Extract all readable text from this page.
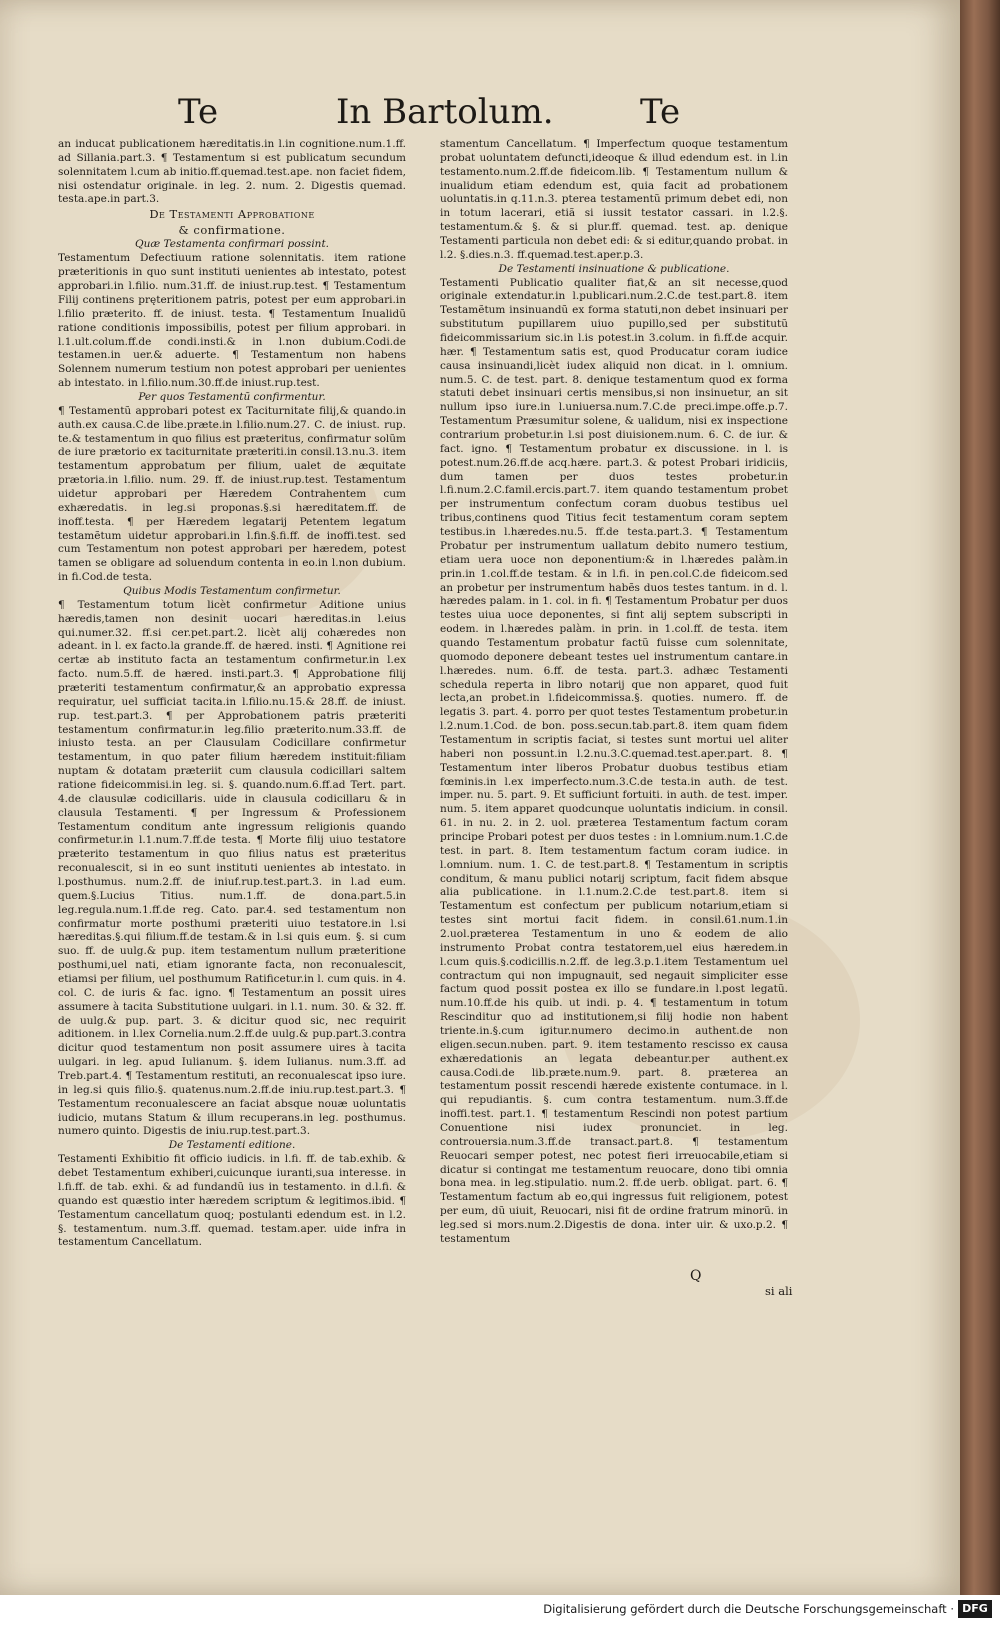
Te	In Bartolum.	Te

an inducat publicationem hæreditatis.in l.in cognitione.num.1.ff. ad Sillania.part.3. ¶ Testamentum si est publicatum secundum solennitatem l.cum ab initio.ff.quemad.test.ape. non faciet fidem, nisi ostendatur originale. in leg. 2. num. 2. Digestis quemad. testa.ape.in part.3.

De Testamenti Approbatione

& confirmatione.

Quæ Testamenta confirmari possint.

Testamentum Defectiuum ratione solennitatis. item ratione præteritionis in quo sunt instituti uenientes ab intestato, potest approbari.in l.filio. num.31.ff. de iniust.rup.test. ¶ Testamentum Filij continens pręteritionem patris, potest per eum approbari.in l.filio præterito. ff. de iniust. testa. ¶ Testamentum Inualidũ ratione conditionis impossibilis, potest per filium approbari. in l.1.ult.colum.ff.de condi.insti.& in l.non dubium.Codi.de testamen.in uer.& aduerte. ¶ Testamentum non habens Solennem numerum testium non potest approbari per uenientes ab intestato. in l.filio.num.30.ff.de iniust.rup.test.

Per quos Testamentũ confirmentur.

¶ Testamentũ approbari potest ex Taciturnitate filij,& quando.in auth.ex causa.C.de libe.præte.in l.filio.num.27. C. de iniust. rup. te.& testamentum in quo filius est præteritus, confirmatur solũm de iure prætorio ex taciturnitate præteriti.in consil.13.nu.3. item testamentum approbatum per filium, ualet de æquitate prætoria.in l.filio. num. 29. ff. de iniust.rup.test. Testamentum uidetur approbari per Hæredem Contrahentem cum exhæredatis. in leg.si proponas.§.si hæreditatem.ff. de inoff.testa. ¶ per Hæredem legatarij Petentem legatum testamẽtum uidetur approbari.in l.fin.§.fi.ff. de inoffi.test. sed cum Testamentum non potest approbari per hæredem, potest tamen se obligare ad soluendum contenta in eo.in l.non dubium. in fi.Cod.de testa.

Quibus Modis Testamentum confirmetur.

¶ Testamentum totum licèt confirmetur Aditione unius hæredis,tamen non desinit uocari hæreditas.in l.eius qui.numer.32. ff.si cer.pet.part.2. licèt alij cohæredes non adeant. in l. ex facto.la grande.ff. de hæred. insti. ¶ Agnitione rei certæ ab instituto facta an testamentum confirmetur.in l.ex facto. num.5.ff. de hæred. insti.part.3. ¶ Approbatione filij præteriti testamentum confirmatur,& an approbatio expressa requiratur, uel sufficiat tacita.in l.filio.nu.15.& 28.ff. de iniust. rup. test.part.3. ¶ per Approbationem patris præteriti testamentum confirmatur.in leg.filio præterito.num.33.ff. de iniusto testa. an per Clausulam Codicillare confirmetur testamentum, in quo pater filium hæredem instituit:filiam nuptam & dotatam præteriit cum clausula codicillari saltem ratione fideicommisi.in leg. si. §. quando.num.6.ff.ad Tert. part. 4.de clausulæ codicillaris. uide in clausula codicillaru & in clausula Testamenti. ¶ per Ingressum & Professionem Testamentum conditum ante ingressum religionis quando confirmetur.in l.1.num.7.ff.de testa. ¶ Morte filij uiuo testatore præterito testamentum in quo filius natus est præteritus reconualescit, si in eo sunt instituti uenientes ab intestato. in l.posthumus. num.2.ff. de iniuf.rup.test.part.3. in l.ad eum. quem.§.Lucius Titius. num.1.ff. de dona.part.5.in leg.regula.num.1.ff.de reg. Cato. par.4. sed testamentum non confirmatur morte posthumi præteriti uiuo testatore.in l.si hæreditas.§.qui filium.ff.de testam.& in l.si quis eum. §. si cum suo. ff. de uulg.& pup. item testamentum nullum præteritione posthumi,uel nati, etiam ignorante facta, non reconualescit, etiamsi per filium, uel posthumum Ratificetur.in l. cum quis. in 4. col. C. de iuris & fac. igno. ¶ Testamentum an possit uires assumere à tacita Substitutione uulgari. in l.1. num. 30. & 32. ff. de uulg.& pup. part. 3. & dicitur quod sic, nec requirit aditionem. in l.lex Cornelia.num.2.ff.de uulg.& pup.part.3.contra dicitur quod testamentum non posit assumere uires à tacita uulgari. in leg. apud Iulianum. §. idem Iulianus. num.3.ff. ad Treb.part.4. ¶ Testamentum restituti, an reconualescat ipso iure. in leg.si quis filio.§. quatenus.num.2.ff.de iniu.rup.test.part.3. ¶ Testamentum reconualescere an faciat absque nouæ uoluntatis iudicio, mutans Statum & illum recuperans.in leg. posthumus. numero quinto. Digestis de iniu.rup.test.part.3.

De Testamenti editione.

Testamenti Exhibitio fit officio iudicis. in l.fi. ff. de tab.exhib. & debet Testamentum exhiberi,cuicunque iuranti,sua interesse. in l.fi.ff. de tab. exhi. & ad fundandũ ius in testamento. in d.l.fi. & quando est quæstio inter hæredem scriptum & legitimos.ibid. ¶ Testamentum cancellatum quoq; postulanti edendum est. in l.2. §. testamentum. num.3.ff. quemad. testam.aper. uide infra in testamentum Cancellatum.

stamentum Cancellatum. ¶ Imperfectum quoque testamentum probat uoluntatem defuncti,ideoque & illud edendum est. in l.in testamento.num.2.ff.de fideicom.lib. ¶ Testamentum nullum & inualidum etiam edendum est, quia facit ad probationem uoluntatis.in q.11.n.3. pterea testamentũ primum debet edi, non in totum lacerari, etiã si iussit testator cassari. in l.2.§. testamentum.& §. & si plur.ff. quemad. test. ap. denique Testamenti particula non debet edi: & si editur,quando probat. in l.2. §.dies.n.3. ff.quemad.test.aper.p.3.

De Testamenti insinuatione & publicatione.

Testamenti Publicatio qualiter fiat,& an sit necesse,quod originale extendatur.in l.publicari.num.2.C.de test.part.8. item Testamẽtum insinuandũ ex forma statuti,non debet insinuari per substitutum pupillarem uiuo pupillo,sed per substitutũ fideicommissarium sic.in l.is potest.in 3.colum. in fi.ff.de acquir. hær. ¶ Testamentum satis est, quod Producatur coram iudice causa insinuandi,licèt iudex aliquid non dicat. in l. omnium. num.5. C. de test. part. 8. denique testamentum quod ex forma statuti debet insinuari certis mensibus,si non insinuetur, an sit nullum ipso iure.in l.uniuersa.num.7.C.de preci.impe.offe.p.7. Testamentum Præsumitur solene, & ualidum, nisi ex inspectione contrarium probetur.in l.si post diuisionem.num. 6. C. de iur. & fact. igno. ¶ Testamentum probatur ex discussione. in l. is potest.num.26.ff.de acq.hære. part.3. & potest Probari iridiciis, dum tamen per duos testes probetur.in l.fi.num.2.C.famil.ercis.part.7. item quando testamentum probet per instrumentum confectum coram duobus testibus uel tribus,continens quod Titius fecit testamentum coram septem testibus.in l.hæredes.nu.5. ff.de testa.part.3. ¶ Testamentum Probatur per instrumentum uallatum debito numero testium, etiam uera uoce non deponentium:& in l.hæredes palàm.in prin.in 1.col.ff.de testam. & in l.fi. in pen.col.C.de fideicom.sed an probetur per instrumentum habẽs duos testes tantum. in d. l. hæredes palam. in 1. col. in fi. ¶ Testamentum Probatur per duos testes uiua uoce deponentes, si fint alij septem subscripti in eodem. in l.hæredes palàm. in prin. in 1.col.ff. de testa. item quando Testamentum probatur factũ fuisse cum solennitate, quomodo deponere debeant testes uel instrumentum cantare.in l.hæredes. num. 6.ff. de testa. part.3. adhæc Testamenti schedula reperta in libro notarij que non apparet, quod fuit lecta,an probet.in l.fideicommissa.§. quoties. numero. ff. de legatis 3. part. 4. porro per quot testes Testamentum probetur.in l.2.num.1.Cod. de bon. poss.secun.tab.part.8. item quam fidem Testamentum in scriptis faciat, si testes sunt mortui uel aliter haberi non possunt.in l.2.nu.3.C.quemad.test.aper.part. 8. ¶ Testamentum inter liberos Probatur duobus testibus etiam fœminis.in l.ex imperfecto.num.3.C.de testa.in auth. de test. imper. nu. 5. part. 9. Et sufficiunt fortuiti. in auth. de test. imper. num. 5. item apparet quodcunque uoluntatis indicium. in consil. 61. in nu. 2. in 2. uol. præterea Testamentum factum coram principe Probari potest per duos testes : in l.omnium.num.1.C.de test. in part. 8. Item testamentum factum coram iudice. in l.omnium. num. 1. C. de test.part.8. ¶ Testamentum in scriptis conditum, & manu publici notarij scriptum, facit fidem absque alia publicatione. in l.1.num.2.C.de test.part.8. item si Testamentum est confectum per publicum notarium,etiam si testes sint mortui facit fidem. in consil.61.num.1.in 2.uol.præterea Testamentum in uno & eodem de alio instrumento Probat contra testatorem,uel eius hæredem.in l.cum quis.§.codicillis.n.2.ff. de leg.3.p.1.item Testamentum uel contractum qui non impugnauit, sed negauit simpliciter esse factum quod possit postea ex illo se fundare.in l.post legatũ. num.10.ff.de his quib. ut indi. p. 4. ¶ testamentum in totum Rescinditur quo ad institutionem,si filij hodie non habent triente.in.§.cum igitur.numero decimo.in authent.de non eligen.secun.nuben. part. 9. item testamento rescisso ex causa exhæredationis an legata debeantur.per authent.ex causa.Codi.de lib.præte.num.9. part. 8. præterea an testamentum possit rescendi hærede existente contumace. in l. qui repudiantis. §. cum contra testamentum. num.3.ff.de inoffi.test. part.1. ¶ testamentum Rescindi non potest partium Conuentione nisi iudex pronunciet. in leg. controuersia.num.3.ff.de transact.part.8. ¶ testamentum Reuocari semper potest, nec potest fieri irreuocabile,etiam si dicatur si contingat me testamentum reuocare, dono tibi omnia bona mea. in leg.stipulatio. num.2. ff.de uerb. obligat. part. 6. ¶ Testamentum factum ab eo,qui ingressus fuit religionem, potest per eum, dũ uiuit, Reuocari, nisi fit de ordine fratrum minorũ. in leg.sed si mors.num.2.Digestis de dona. inter uir. & uxo.p.2. ¶ testamentum

Q
si ali
Digitalisierung gefördert durch die Deutsche Forschungsgemeinschaft · DFG
